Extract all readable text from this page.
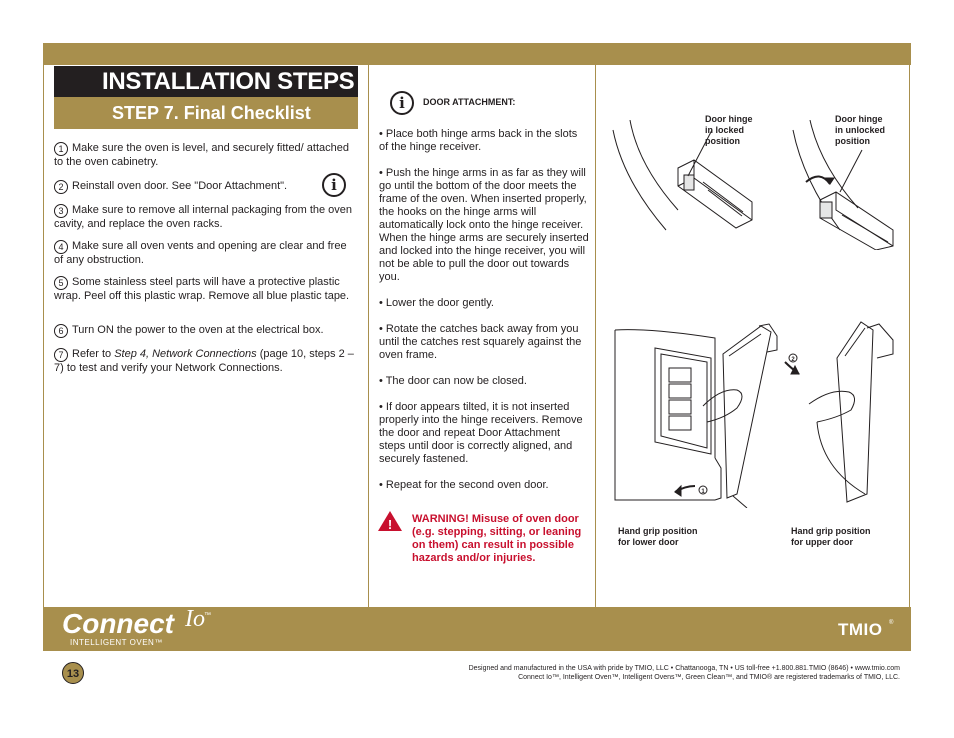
INSTALLATION STEPS
STEP 7. Final Checklist
1 Make sure the oven is level, and securely fitted/ attached to the oven cabinetry.
2 Reinstall oven door. See "Door Attachment".	i
3 Make sure to remove all internal packaging from the oven cavity, and replace the oven racks.
4 Make sure all oven vents and opening are clear and free of any obstruction.
5 Some stainless steel parts will have a protective plastic wrap. Peel off this plastic wrap. Remove all blue plastic tape.
6 Turn ON the power to the oven at the electrical box.
7 Refer to Step 4, Network Connections (page 10, steps 2 – 7) to test and verify your Network Connections.
i	DOOR ATTACHMENT:
• Place both hinge arms back in the slots of the hinge receiver.
• Push the hinge arms in as far as they will go until the bottom of the door meets the frame of the oven. When inserted properly, the hooks on the hinge arms will automatically lock onto the hinge receiver. When the hinge arms are securely inserted and locked into the hinge receiver, you will not be able to pull the door out towards you.
• Lower the door gently.
• Rotate the catches back away from you until the catches rest squarely against the oven frame.
• The door can now be closed.
• If door appears tilted, it is not inserted properly into the hinge receivers. Remove the door and repeat Door Attachment steps until door is correctly aligned, and securely fastened.
• Repeat for the second oven door.
! WARNING! Misuse of oven door (e.g. stepping, sitting, or leaning on them) can result in possible hazards and/or injuries.
Door hinge
in locked
position
Door hinge
in unlocked
position
1
2
Hand grip position
for lower door
Hand grip position
for upper door
Connect Io ™
INTELLIGENT OVEN™
TMIO ®
13	Designed and manufactured in the USA with pride by TMIO, LLC • Chattanooga, TN • US toll-free +1.800.881.TMIO (8646) • www.tmio.com
Connect Io™, Intelligent Oven™, Intelligent Ovens™, Green Clean™, and TMIO® are registered trademarks of TMIO, LLC.
